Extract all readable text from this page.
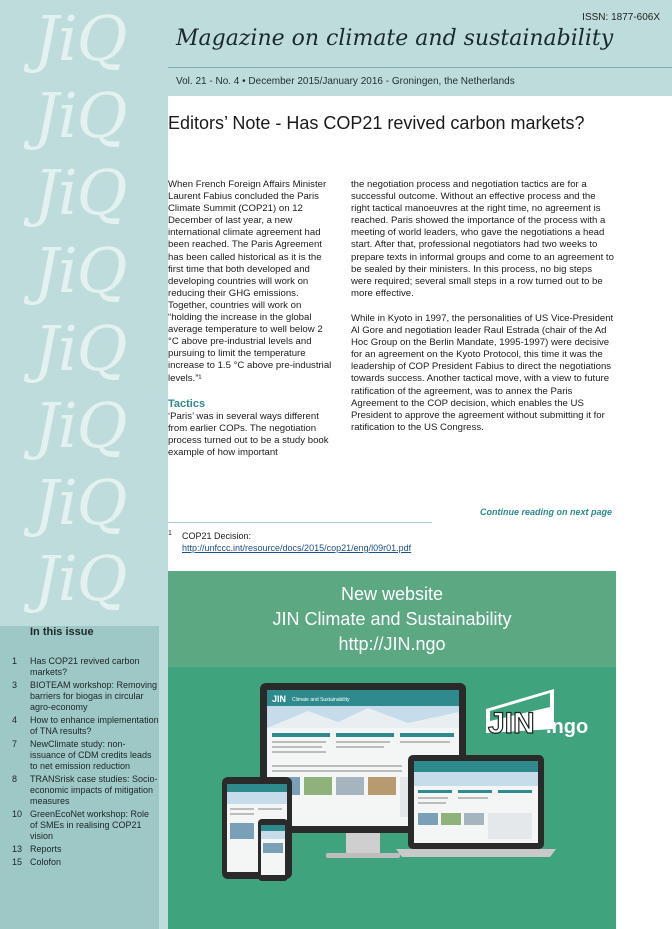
JiQ
JiQ
JiQ
JiQ
JiQ
JiQ
JiQ
JiQ
In this issue
1 Has COP21 revived carbon markets?
3 BIOTEAM workshop: Removing barriers for biogas in circular agro-economy
4 How to enhance implementation of TNA results?
7 NewClimate study: non-issuance of CDM credits leads to net emission reduction
8 TRANSrisk case studies: Socio-economic impacts of mitigation measures
10 GreenEcoNet workshop: Role of SMEs in realising COP21 vision
13 Reports
15 Colofon
ISSN: 1877-606X
Magazine on climate and sustainability
Vol. 21 - No. 4 • December 2015/January 2016 - Groningen, the Netherlands
Editors’ Note - Has COP21 revived carbon markets?

When French Foreign Affairs Minister Laurent Fabius concluded the Paris Climate Summit (COP21) on 12 December of last year, a new international climate agreement had been reached. The Paris Agreement has been called historical as it is the first time that both developed and developing countries will work on reducing their GHG emissions. Together, countries will work on “holding the increase in the global average temperature to well below 2 °C above pre-industrial levels and pursuing to limit the temperature increase to 1.5 °C above pre-industrial levels.”¹

Tactics

‘Paris’ was in several ways different from earlier COPs. The negotiation process turned out to be a study book example of how important

the negotiation process and negotiation tactics are for a successful outcome. Without an effective process and the right tactical manoeuvres at the right time, no agreement is reached. Paris showed the importance of the process with a meeting of world leaders, who gave the negotiations a head start. After that, professional negotiators had two weeks to prepare texts in informal groups and come to an agreement to be sealed by their ministers. In this process, no big steps were required; several small steps in a row turned out to be more effective.

While in Kyoto in 1997, the personalities of US Vice-President Al Gore and negotiation leader Raul Estrada (chair of the Ad Hoc Group on the Berlin Mandate, 1995-1997) were decisive for an agreement on the Kyoto Protocol, this time it was the leadership of COP President Fabius to direct the negotiations towards success. Another tactical move, with a view to future ratification of the agreement, was to annex the Paris Agreement to the COP decision, which enables the US President to approve the agreement without submitting it for ratification to the US Congress.

Continue reading on next page
1	COP21 Decision: http://unfccc.int/resource/docs/2015/cop21/eng/l09r01.pdf
New website
JIN Climate and Sustainability
http://JIN.ngo
JIN Climate and Sustainability
JIN .ngo
